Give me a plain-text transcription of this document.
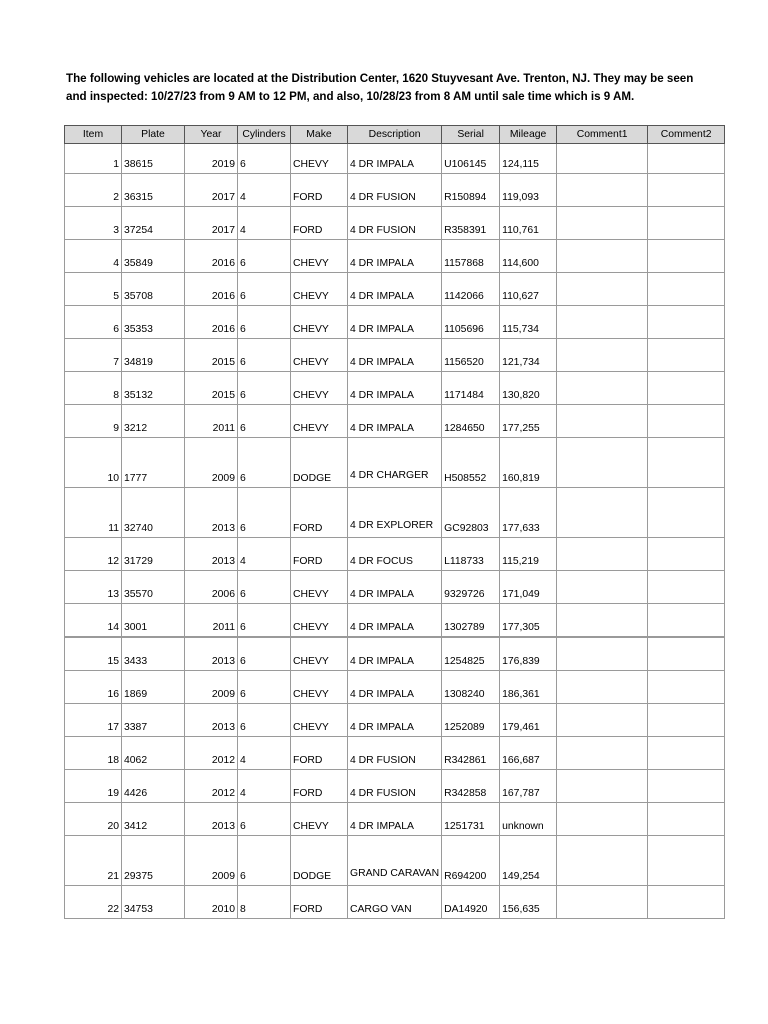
The following vehicles are located at the Distribution Center, 1620 Stuyvesant Ave. Trenton, NJ. They may be seen
and inspected: 10/27/23 from 9 AM to 12 PM, and also, 10/28/23 from 8 AM until sale time which is 9 AM.
Item	Plate	Year	Cylinders	Make	Description	Serial	Mileage	Comment1	Comment2
1	38615	2019	6	CHEVY	4 DR IMPALA	U106145	124,115		
2	36315	2017	4	FORD	4 DR FUSION	R150894	119,093		
3	37254	2017	4	FORD	4 DR FUSION	R358391	110,761		
4	35849	2016	6	CHEVY	4 DR IMPALA	1157868	114,600		
5	35708	2016	6	CHEVY	4 DR IMPALA	1142066	110,627		
6	35353	2016	6	CHEVY	4 DR IMPALA	1105696	115,734		
7	34819	2015	6	CHEVY	4 DR IMPALA	1156520	121,734		
8	35132	2015	6	CHEVY	4 DR IMPALA	1171484	130,820		
9	3212	2011	6	CHEVY	4 DR IMPALA	1284650	177,255		
10	1777	2009	6	DODGE	4 DR CHARGER	H508552	160,819		
11	32740	2013	6	FORD	4 DR EXPLORER	GC92803	177,633		
12	31729	2013	4	FORD	4 DR FOCUS	L118733	115,219		
13	35570	2006	6	CHEVY	4 DR IMPALA	9329726	171,049		
14	3001	2011	6	CHEVY	4 DR IMPALA	1302789	177,305		
15	3433	2013	6	CHEVY	4 DR IMPALA	1254825	176,839		
16	1869	2009	6	CHEVY	4 DR IMPALA	1308240	186,361		
17	3387	2013	6	CHEVY	4 DR IMPALA	1252089	179,461		
18	4062	2012	4	FORD	4 DR FUSION	R342861	166,687		
19	4426	2012	4	FORD	4 DR FUSION	R342858	167,787		
20	3412	2013	6	CHEVY	4 DR IMPALA	1251731	unknown		
21	29375	2009	6	DODGE	GRAND CARAVAN	R694200	149,254		
22	34753	2010	8	FORD	CARGO VAN	DA14920	156,635		
